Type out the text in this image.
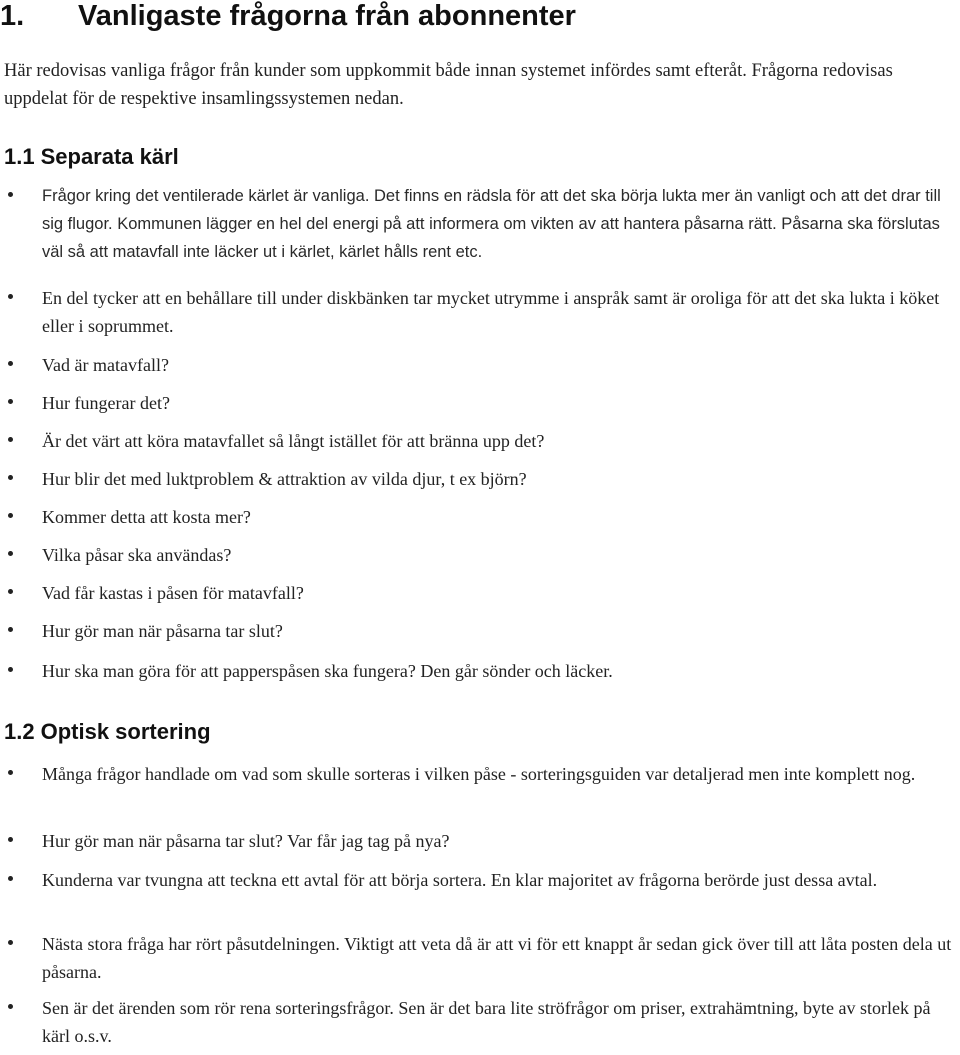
1. Vanligaste frågorna från abonnenter

Här redovisas vanliga frågor från kunder som uppkommit både innan systemet infördes samt efteråt. Frågorna redovisas uppdelat för de respektive insamlingssystemen nedan.

1.1 Separata kärl
Frågor kring det ventilerade kärlet är vanliga. Det finns en rädsla för att det ska börja lukta mer än vanligt och att det drar till sig flugor. Kommunen lägger en hel del energi på att informera om vikten av att hantera påsarna rätt. Påsarna ska förslutas väl så att matavfall inte läcker ut i kärlet, kärlet hålls rent etc.
En del tycker att en behållare till under diskbänken tar mycket utrymme i anspråk samt är oroliga för att det ska lukta i köket eller i soprummet.
Vad är matavfall?
Hur fungerar det?
Är det värt att köra matavfallet så långt istället för att bränna upp det?
Hur blir det med luktproblem & attraktion av vilda djur, t ex björn?
Kommer detta att kosta mer?
Vilka påsar ska användas?
Vad får kastas i påsen för matavfall?
Hur gör man när påsarna tar slut?
Hur ska man göra för att papperspåsen ska fungera? Den går sönder och läcker.
1.2 Optisk sortering
Många frågor handlade om vad som skulle sorteras i vilken påse - sorteringsguiden var detaljerad men inte komplett nog.
Hur gör man när påsarna tar slut? Var får jag tag på nya?
Kunderna var tvungna att teckna ett avtal för att börja sortera. En klar majoritet av frågorna berörde just dessa avtal.
Nästa stora fråga har rört påsutdelningen. Viktigt att veta då är att vi för ett knappt år sedan gick över till att låta posten dela ut påsarna.
Sen är det ärenden som rör rena sorteringsfrågor. Sen är det bara lite ströfrågor om priser, extrahämtning, byte av storlek på kärl o.s.v.
